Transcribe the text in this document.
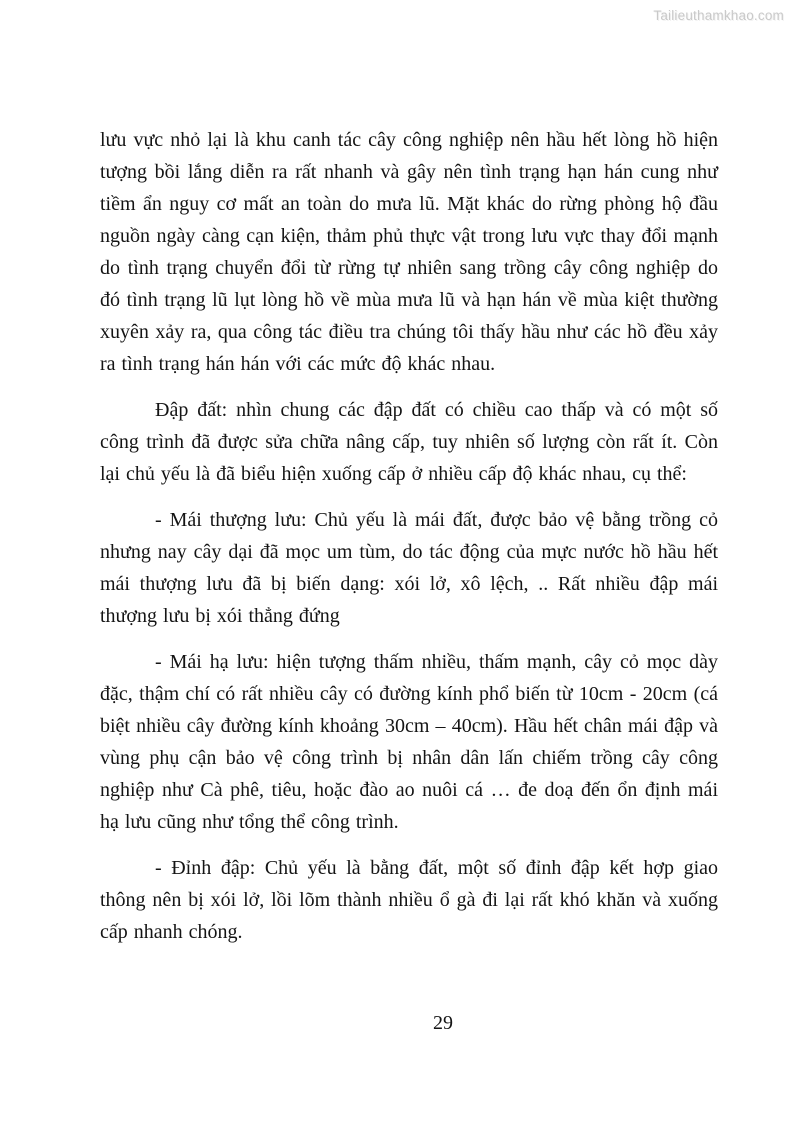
Tailieuthamkhao.com

lưu vực nhỏ lại là khu canh tác cây công nghiệp nên hầu hết lòng hồ hiện tượng bồi lắng diễn ra rất nhanh và gây nên tình trạng hạn hán cung như tiềm ẩn nguy cơ mất an toàn do mưa lũ. Mặt khác do rừng phòng hộ đầu nguồn ngày càng cạn kiện, thảm phủ thực vật trong lưu vực thay đổi mạnh do tình trạng chuyển đổi từ rừng tự nhiên sang trồng cây công nghiệp do đó tình trạng lũ lụt lòng hồ về mùa mưa lũ và hạn hán về mùa kiệt thường xuyên xảy ra, qua công tác điều tra chúng tôi thấy hầu như các hồ đều xảy ra tình trạng hán hán với các mức độ khác nhau.

Đập đất: nhìn chung các đập đất có chiều cao thấp và có một số công trình đã được sửa chữa nâng cấp, tuy nhiên số lượng còn rất ít. Còn lại chủ yếu là đã biểu hiện xuống cấp ở nhiều cấp độ khác nhau, cụ thể:

- Mái thượng lưu: Chủ yếu là mái đất, được bảo vệ bằng trồng cỏ nhưng nay cây dại đã mọc um tùm, do tác động của mực nước hồ hầu hết mái thượng lưu đã bị biến dạng: xói lở, xô lệch, .. Rất nhiều đập mái thượng lưu bị xói thẳng đứng

- Mái hạ lưu: hiện tượng thấm nhiều, thấm mạnh, cây cỏ mọc dày đặc, thậm chí có rất nhiều cây có đường kính phổ biến từ 10cm - 20cm (cá biệt nhiều cây đường kính khoảng 30cm – 40cm). Hầu hết chân mái đập và vùng phụ cận bảo vệ công trình bị nhân dân lấn chiếm trồng cây công nghiệp như Cà phê, tiêu, hoặc đào ao nuôi cá … đe doạ đến ổn định mái hạ lưu cũng như tổng thể công trình.

- Đỉnh đập: Chủ yếu là bằng đất, một số đỉnh đập kết hợp giao thông nên bị xói lở, lồi lõm thành nhiều ổ gà đi lại rất khó khăn và xuống cấp nhanh chóng.

29
